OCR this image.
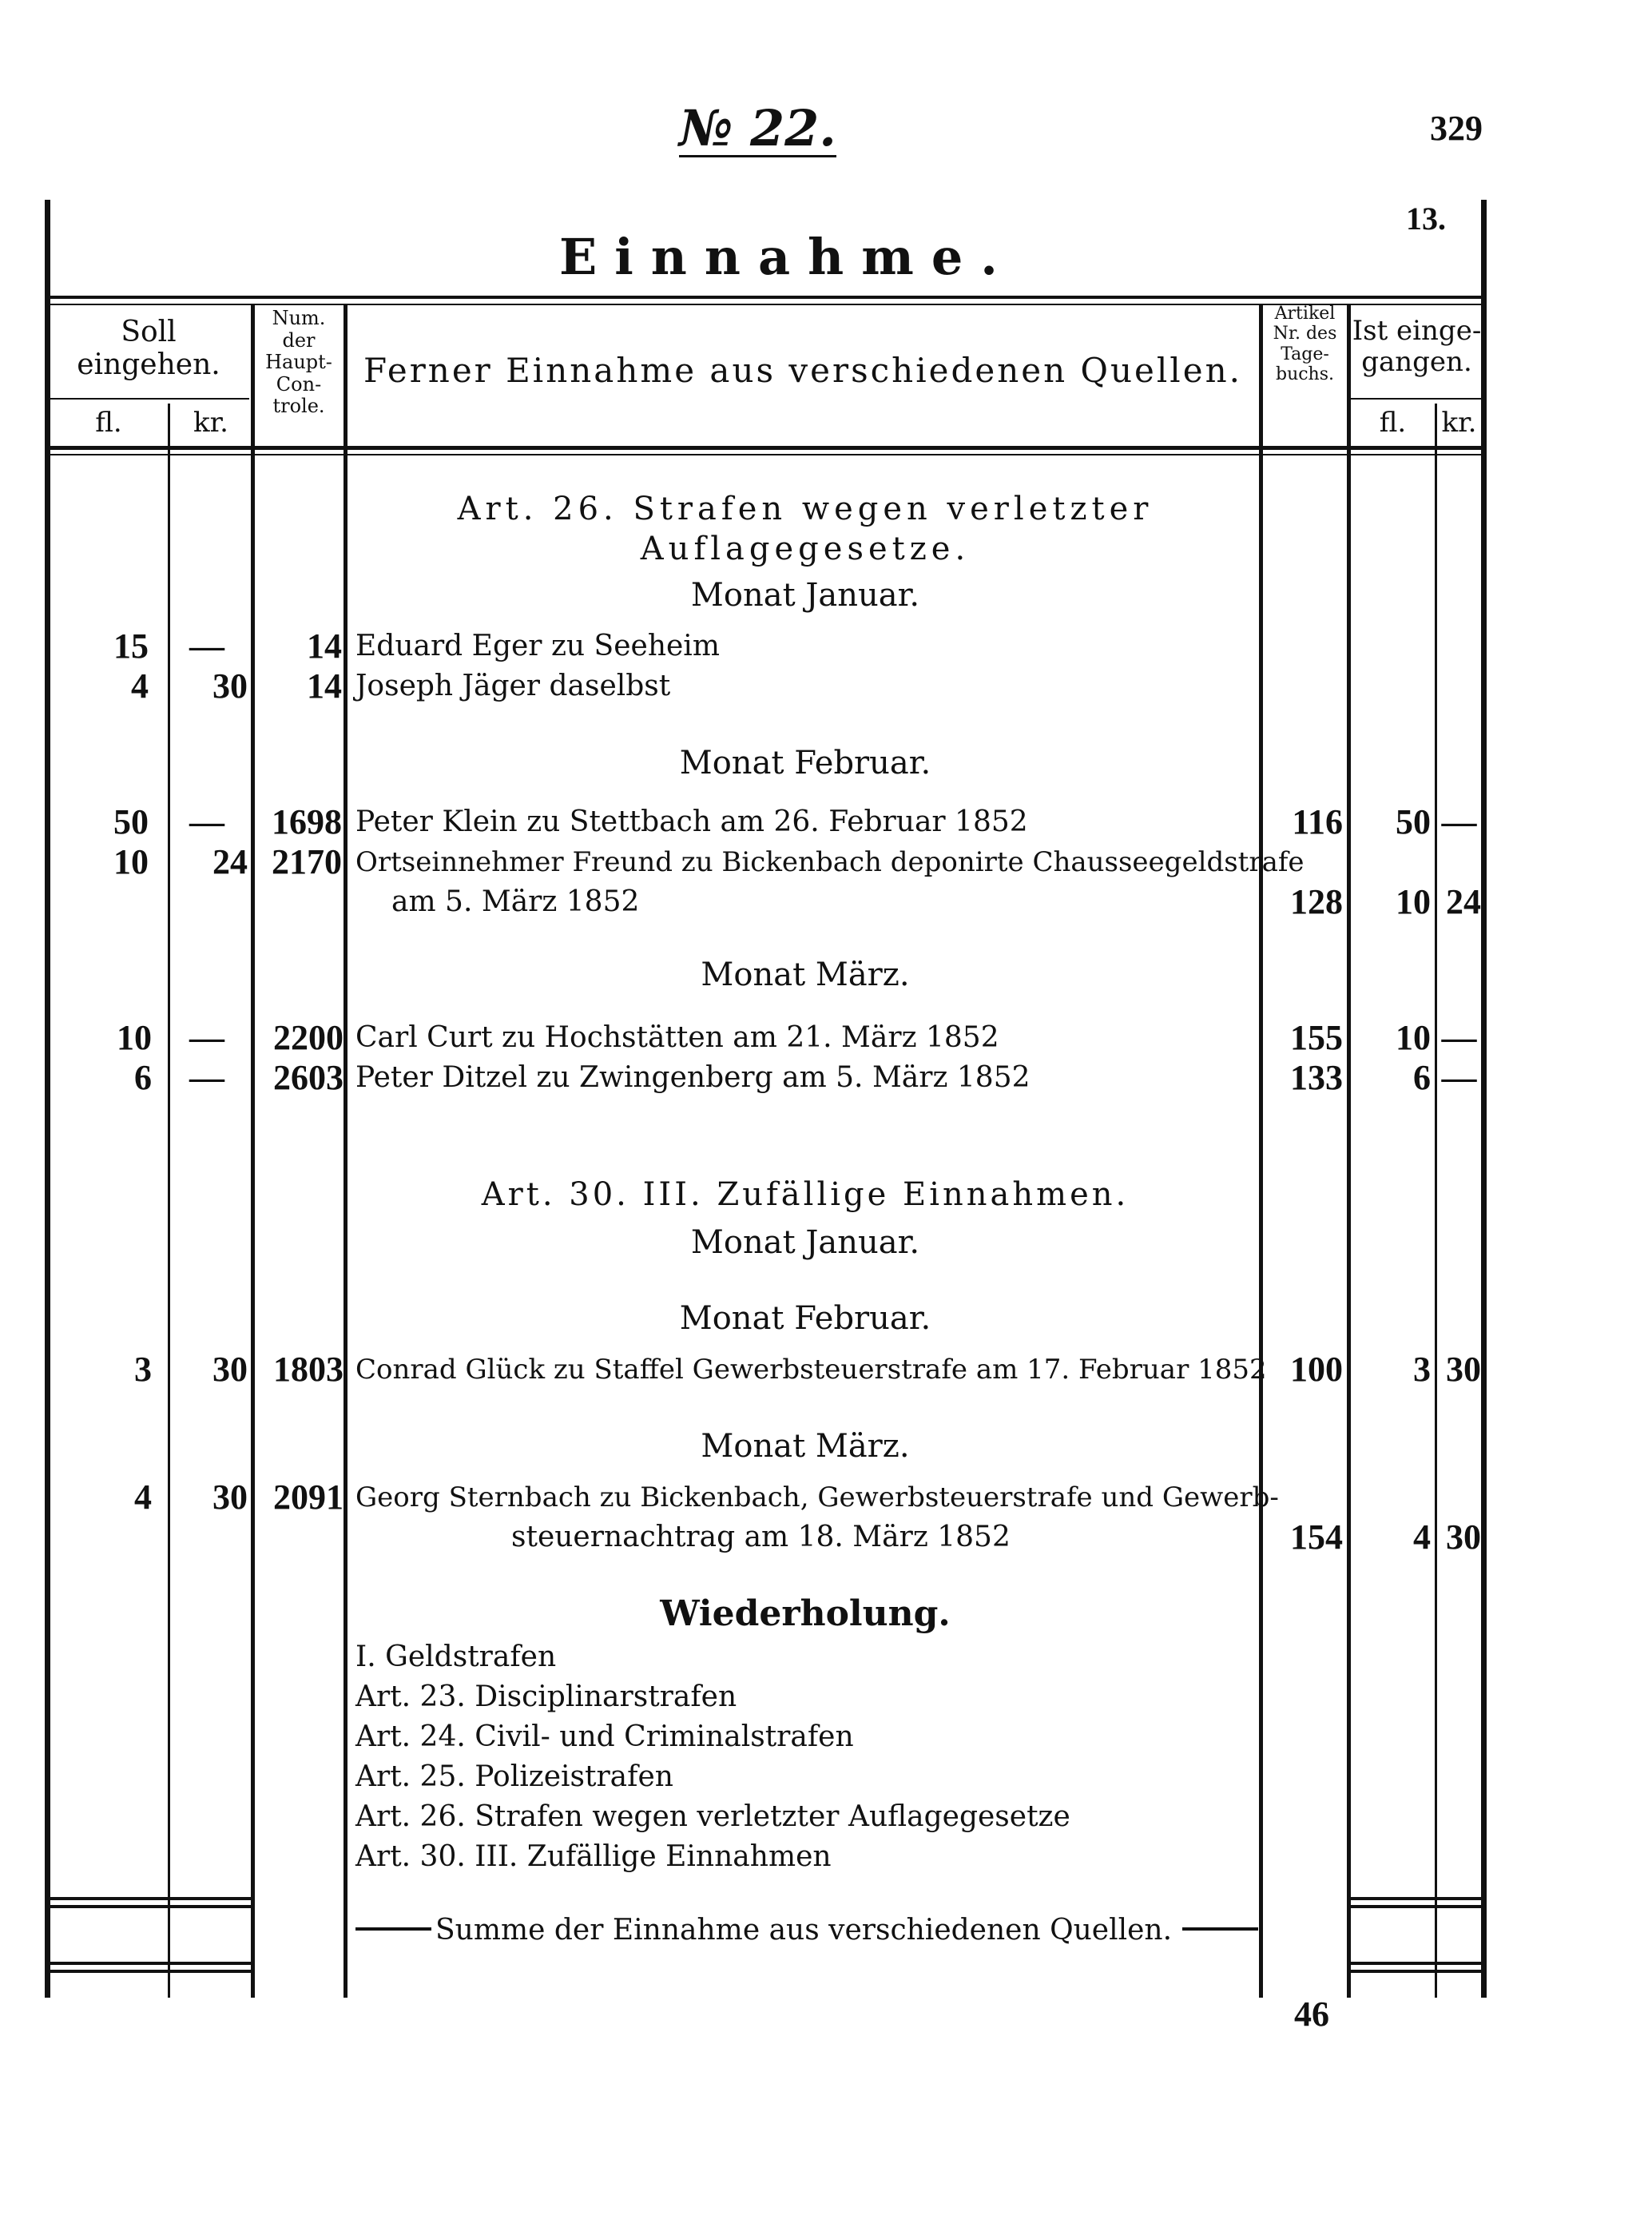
№ 22.	329
13.
Einnahme.
Soll eingehen.
fl.	kr.
Num. der Haupt-Con-trole.
Ferner Einnahme aus verschiedenen Quellen.
Artikel Nr. des Tage-buchs.
Ist einge-gangen.
fl.	kr.
Art. 26. Strafen wegen verletzter
Auflagegesetze.
Monat Januar.
15	—	14 Eduard Eger zu Seeheim
4	30	14 Joseph Jäger daselbst
Monat Februar.
50	—	1698 Peter Klein zu Stettbach am 26. Februar 1852	116	50 —
10	24 2170 Ortseinnehmer Freund zu Bickenbach deponirte Chausseegeldstrafe
am 5. März 1852	128	10 24
Monat März.
10	—	2200 Carl Curt zu Hochstätten am 21. März 1852	155	10 —
6	—	2603 Peter Ditzel zu Zwingenberg am 5. März 1852	133	6 —
Art. 30. III. Zufällige Einnahmen.
Monat Januar.
Monat Februar.
3	30 1803 Conrad Glück zu Staffel Gewerbsteuerstrafe am 17. Februar 1852 100	3 30
Monat März.
4	30 2091 Georg Sternbach zu Bickenbach, Gewerbsteuerstrafe und Gewerb-
steuernachtrag am 18. März 1852	154	4 30
Wiederholung.
I. Geldstrafen
Art. 23. Disciplinarstrafen
Art. 24. Civil- und Criminalstrafen
Art. 25. Polizeistrafen
Art. 26. Strafen wegen verletzter Auflagegesetze
Art. 30. III. Zufällige Einnahmen
Summe der Einnahme aus verschiedenen Quellen.
46
